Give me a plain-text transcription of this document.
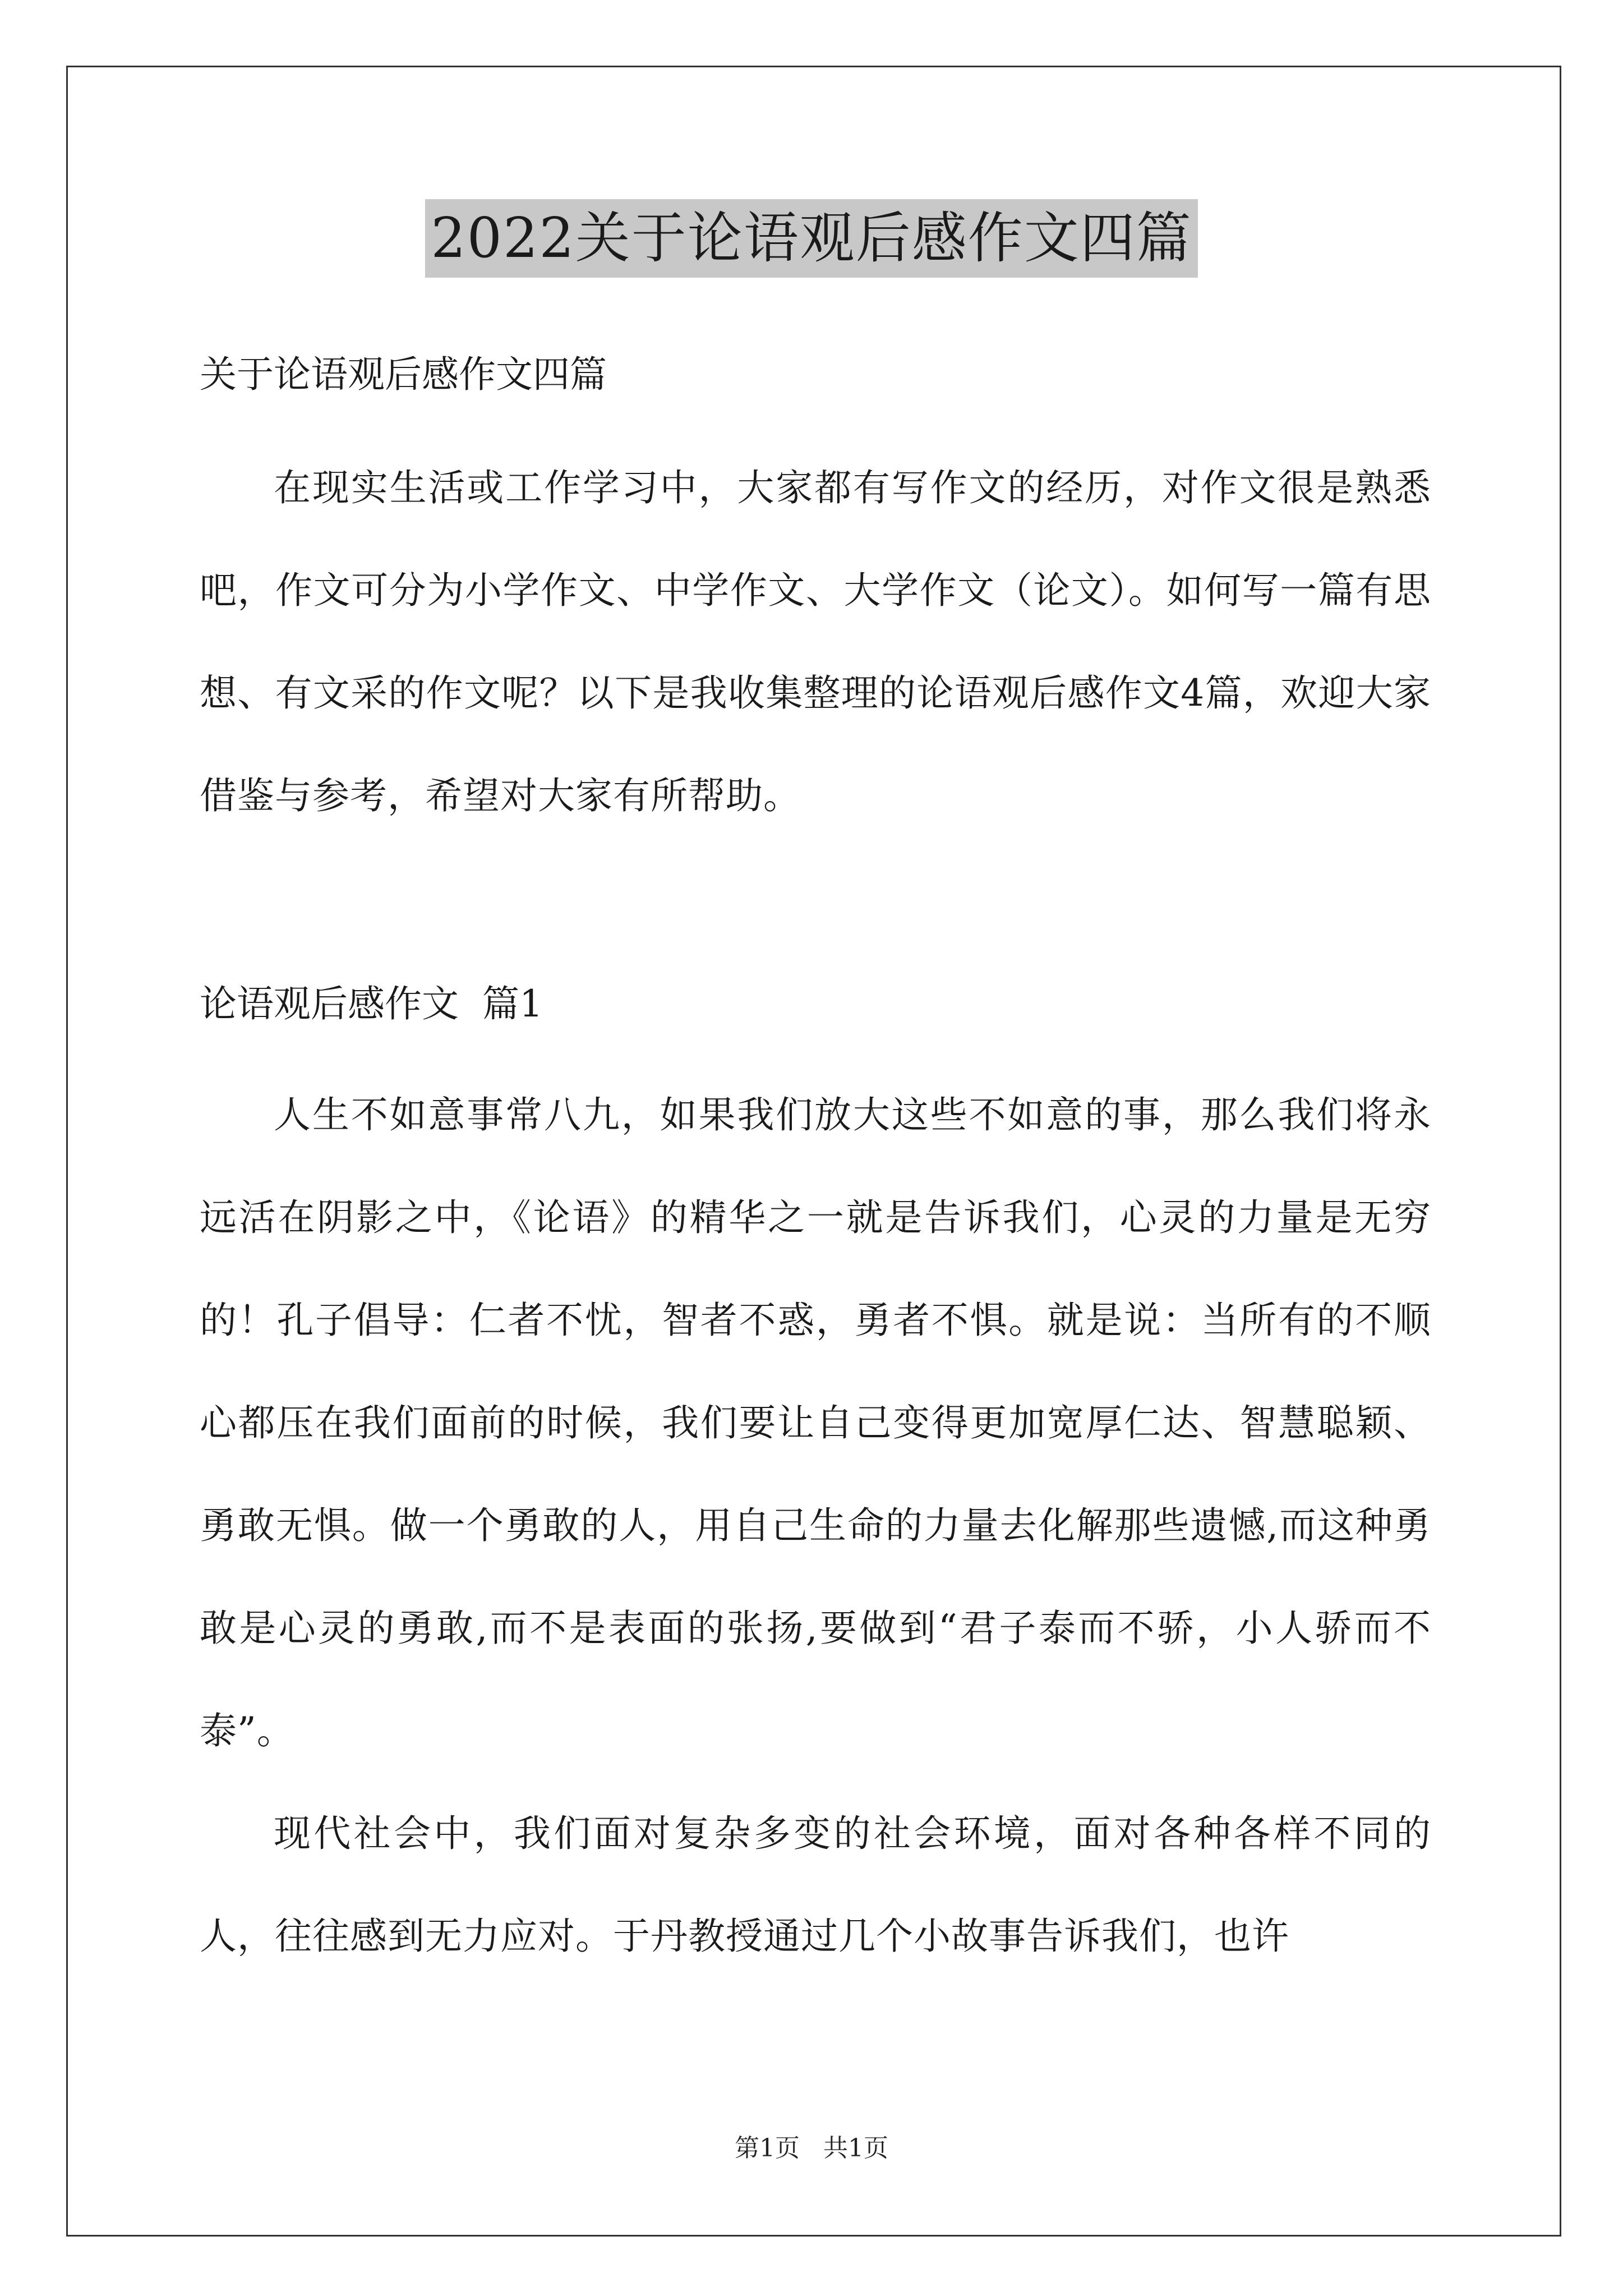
2022关于论语观后感作文四篇

关于论语观后感作文四篇

在现实生活或工作学习中，大家都有写作文的经历，对作文很是熟悉吧，作文可分为小学作文、中学作文、大学作文（论文）。如何写一篇有思想、有文采的作文呢？以下是我收集整理的论语观后感作文4篇，欢迎大家借鉴与参考，希望对大家有所帮助。

论语观后感作文  篇1

人生不如意事常八九，如果我们放大这些不如意的事，那么我们将永远活在阴影之中，《论语》的精华之一就是告诉我们，心灵的力量是无穷的！孔子倡导：仁者不忧，智者不惑，勇者不惧。就是说：当所有的不顺心都压在我们面前的时候，我们要让自己变得更加宽厚仁达、智慧聪颖、勇敢无惧。做一个勇敢的人，用自己生命的力量去化解那些遗憾,而这种勇敢是心灵的勇敢,而不是表面的张扬,要做到“君子泰而不骄，小人骄而不泰”。

现代社会中，我们面对复杂多变的社会环境，面对各种各样不同的人，往往感到无力应对。于丹教授通过几个小故事告诉我们，也许

第1页   共1页
